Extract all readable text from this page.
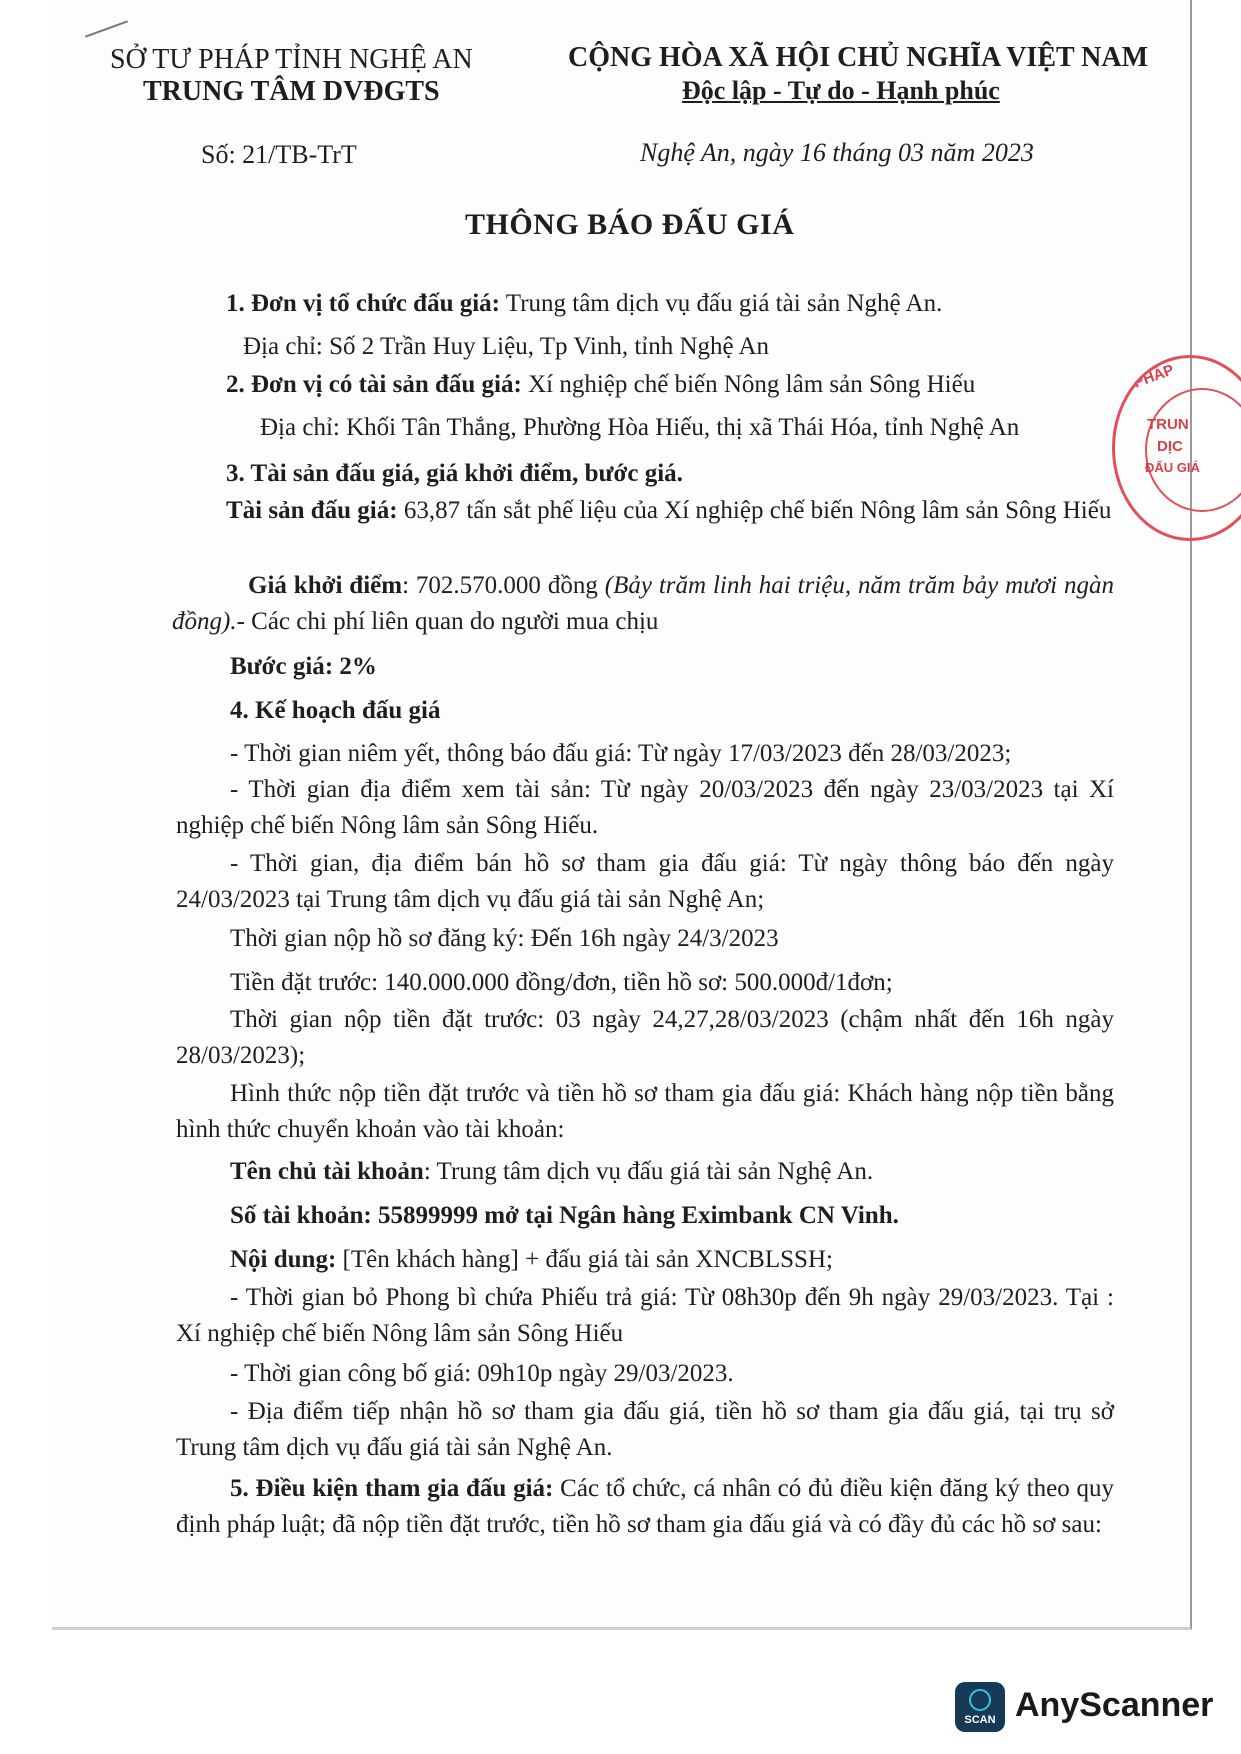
SỞ TƯ PHÁP TỈNH NGHỆ AN
TRUNG TÂM DVĐGTS
CỘNG HÒA XÃ HỘI CHỦ NGHĨA VIỆT NAM
Độc lập - Tự do - Hạnh phúc
Số: 21/TB-TrT	Nghệ An, ngày 16 tháng 03 năm 2023
THÔNG BÁO ĐẤU GIÁ
1. Đơn vị tổ chức đấu giá: Trung tâm dịch vụ đấu giá tài sản Nghệ An.
Địa chỉ: Số 2 Trần Huy Liệu, Tp Vinh, tỉnh Nghệ An
2. Đơn vị có tài sản đấu giá: Xí nghiệp chế biến Nông lâm sản Sông Hiếu
Địa chỉ: Khối Tân Thắng, Phường Hòa Hiếu, thị xã Thái Hóa, tỉnh Nghệ An
3. Tài sản đấu giá, giá khởi điểm, bước giá.
Tài sản đấu giá: 63,87 tấn sắt phế liệu của Xí nghiệp chế biến Nông lâm sản Sông Hiếu
Giá khởi điểm: 702.570.000 đồng (Bảy trăm linh hai triệu, năm trăm bảy mươi ngàn đồng).- Các chi phí liên quan do người mua chịu
Bước giá: 2%
4. Kế hoạch đấu giá
- Thời gian niêm yết, thông báo đấu giá: Từ ngày 17/03/2023 đến 28/03/2023;
- Thời gian địa điểm xem tài sản: Từ ngày 20/03/2023 đến ngày 23/03/2023 tại Xí nghiệp chế biến Nông lâm sản Sông Hiếu.
- Thời gian, địa điểm bán hồ sơ tham gia đấu giá: Từ ngày thông báo đến ngày 24/03/2023 tại Trung tâm dịch vụ đấu giá tài sản Nghệ An;
Thời gian nộp hồ sơ đăng ký: Đến 16h ngày 24/3/2023
Tiền đặt trước: 140.000.000 đồng/đơn, tiền hồ sơ: 500.000đ/1đơn;
Thời gian nộp tiền đặt trước: 03 ngày 24,27,28/03/2023 (chậm nhất đến 16h ngày 28/03/2023);
Hình thức nộp tiền đặt trước và tiền hồ sơ tham gia đấu giá: Khách hàng nộp tiền bằng hình thức chuyển khoản vào tài khoản:
Tên chủ tài khoản: Trung tâm dịch vụ đấu giá tài sản Nghệ An.
Số tài khoản: 55899999 mở tại Ngân hàng Eximbank CN Vinh.
Nội dung: [Tên khách hàng] + đấu giá tài sản XNCBLSSH;
- Thời gian bỏ Phong bì chứa Phiếu trả giá: Từ 08h30p đến 9h ngày 29/03/2023. Tại : Xí nghiệp chế biến Nông lâm sản Sông Hiếu
- Thời gian công bố giá: 09h10p ngày 29/03/2023.
- Địa điểm tiếp nhận hồ sơ tham gia đấu giá, tiền hồ sơ tham gia đấu giá, tại trụ sở Trung tâm dịch vụ đấu giá tài sản Nghệ An.
5. Điều kiện tham gia đấu giá: Các tổ chức, cá nhân có đủ điều kiện đăng ký theo quy định pháp luật; đã nộp tiền đặt trước, tiền hồ sơ tham gia đấu giá và có đầy đủ các hồ sơ sau:
PHÁP
TRUN
DỊC
ĐẤU GIÁ
SCAN AnyScanner
